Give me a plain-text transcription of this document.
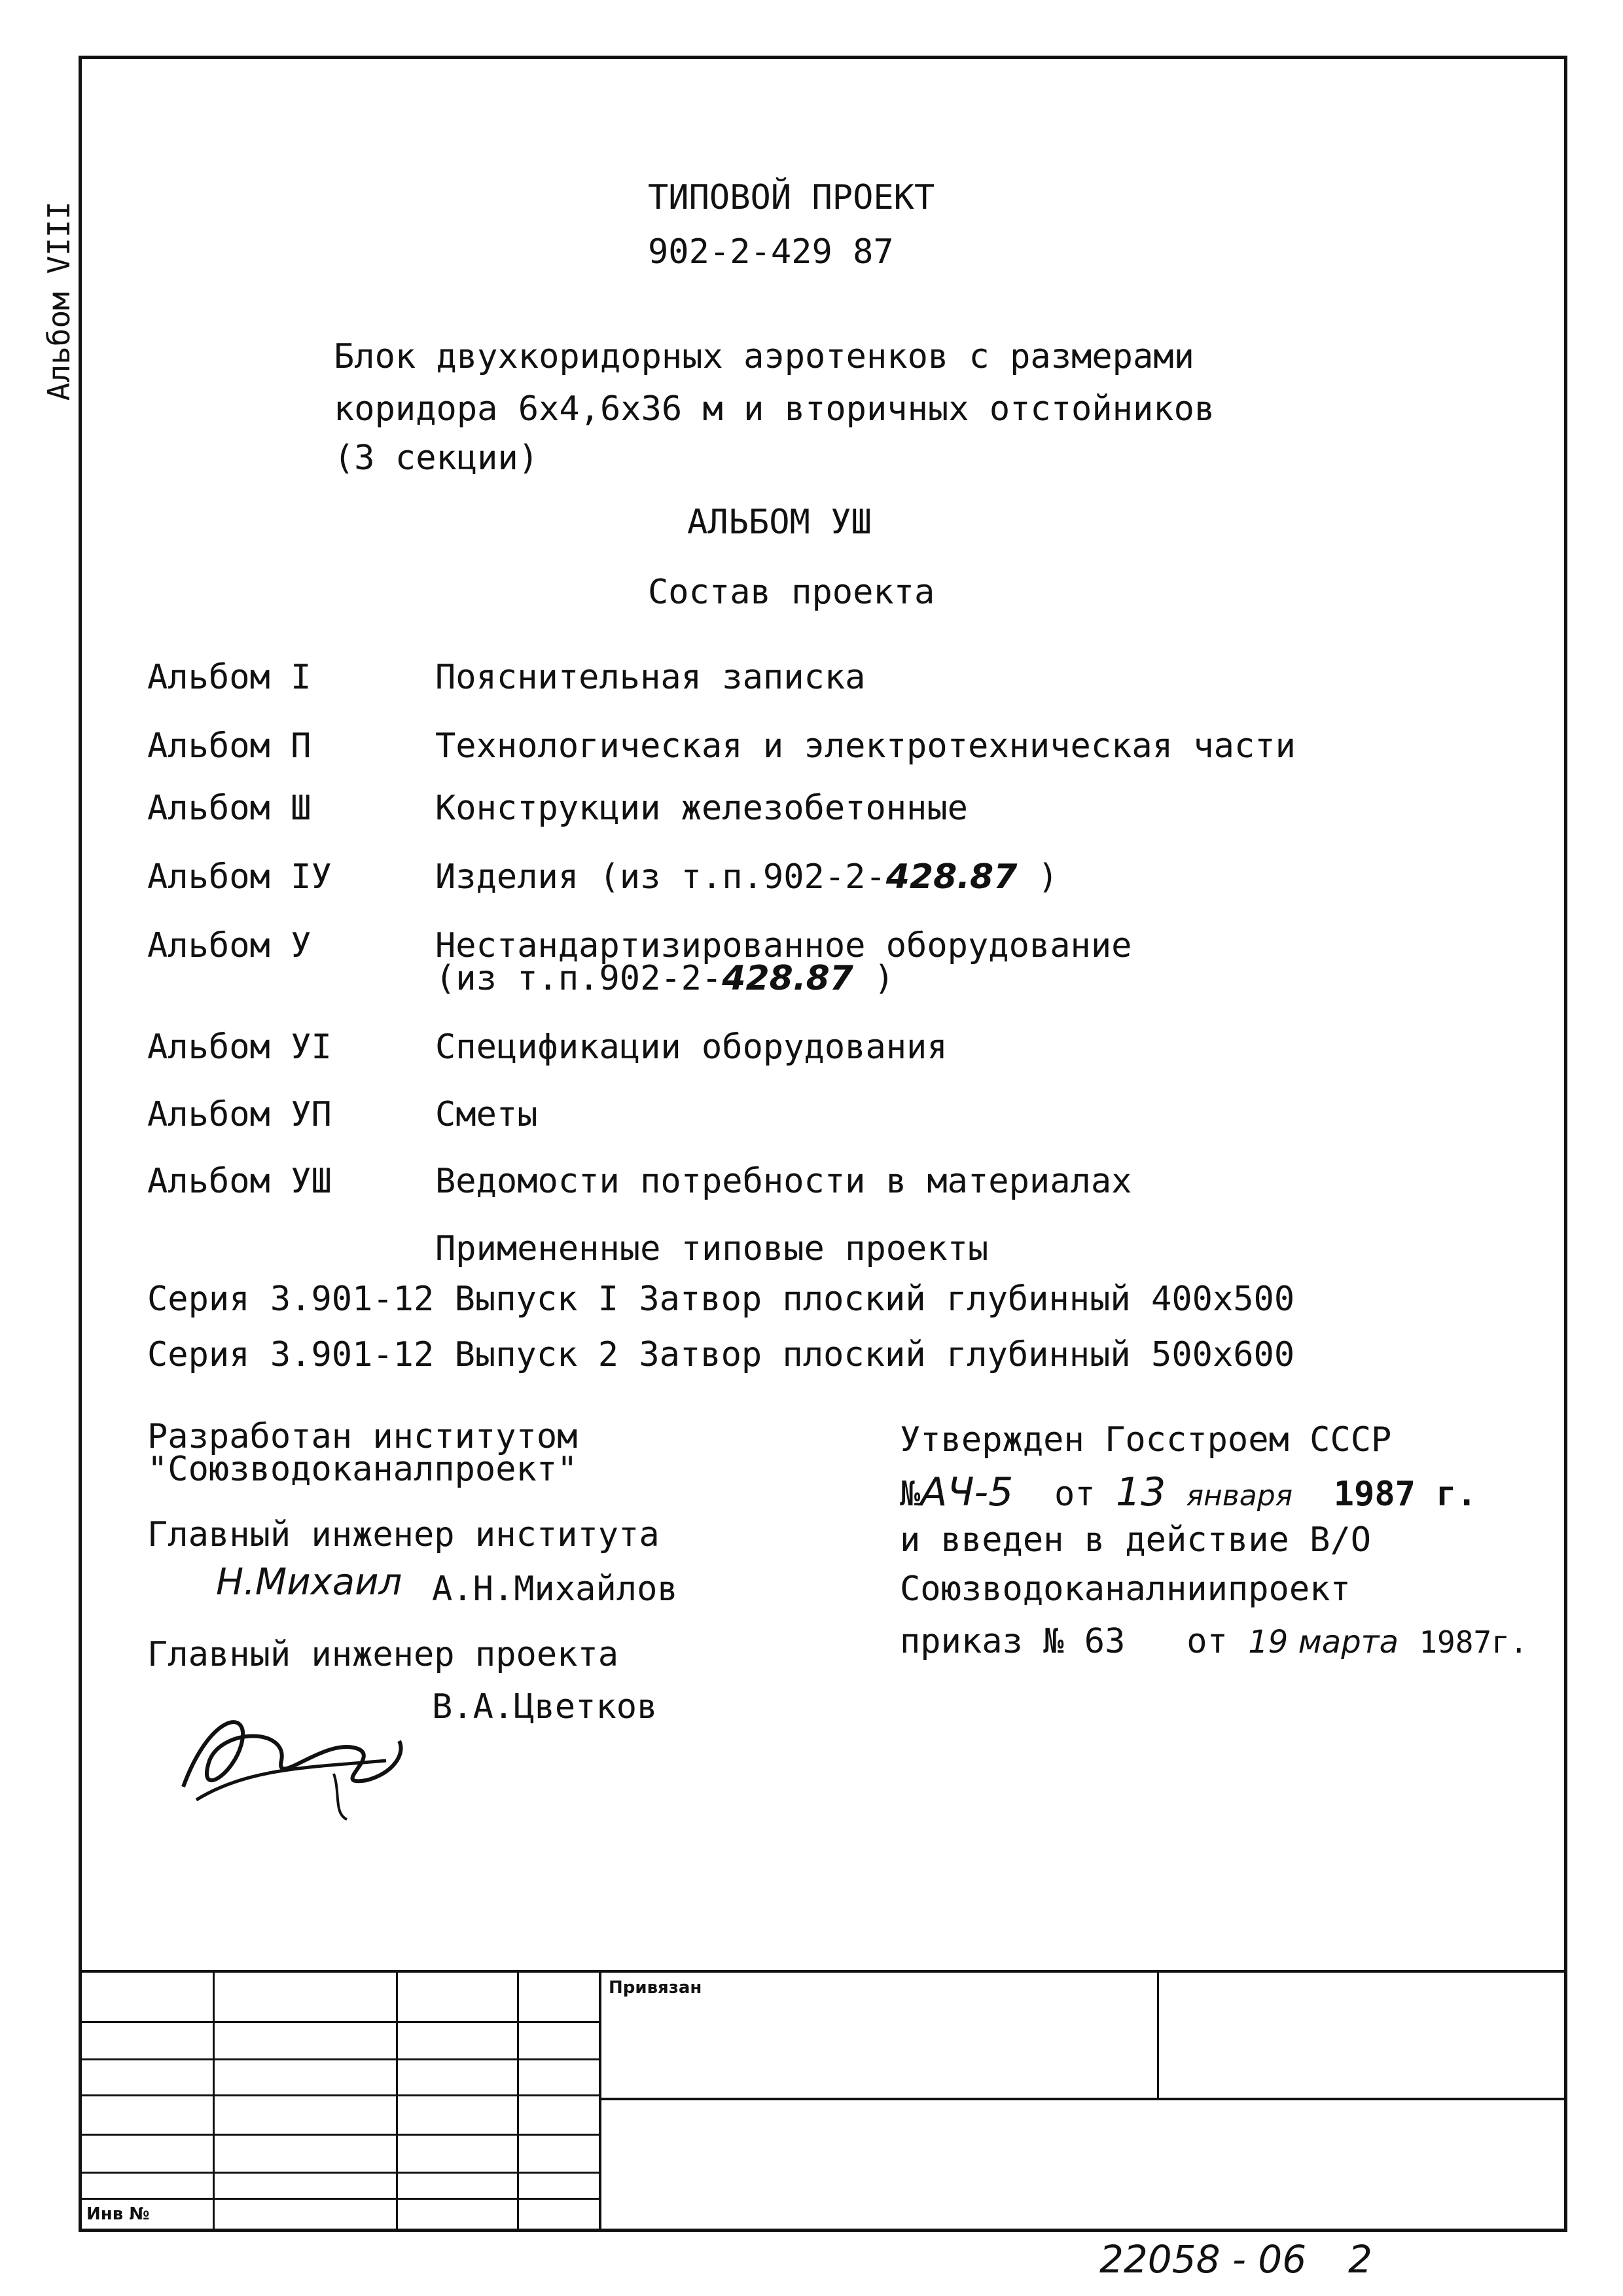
Альбом VIII
ТИПОВОЙ ПРОЕКТ
902-2-429 87
Блок двухкоридорных аэротенков с размерами
коридора 6x4,6x36 м и вторичных отстойников
(3 секции)
АЛЬБОМ УШ
Состав проекта
Альбом I	Пояснительная записка
Альбом П	Технологическая и электротехническая части
Альбом Ш	Конструкции железобетонные
Альбом IУ	Изделия (из т.п.902-2-428.87 )
Альбом У	Нестандартизированное оборудование
(из т.п.902-2-428.87 )
Альбом УI	Спецификации оборудования
Альбом УП	Сметы
Альбом УШ	Ведомости потребности в материалах
Примененные типовые проекты
Серия 3.901-12 Выпуск I Затвор плоский глубинный 400х500
Серия 3.901-12 Выпуск 2 Затвор плоский глубинный 500х600
Разработан институтом
"Союзводоканалпроект"
Главный инженер института
Н.Михаил А.Н.Михайлов
Главный инженер проекта
В.А.Цветков
Утвержден Госстроем СССР
№АЧ-5 от 13 января 1987 г.
и введен в действие В/О
Союзводоканалниипроект
приказ № 63 от 19 марта 1987г.
Привязан
Инв №
22058 - 06 2
